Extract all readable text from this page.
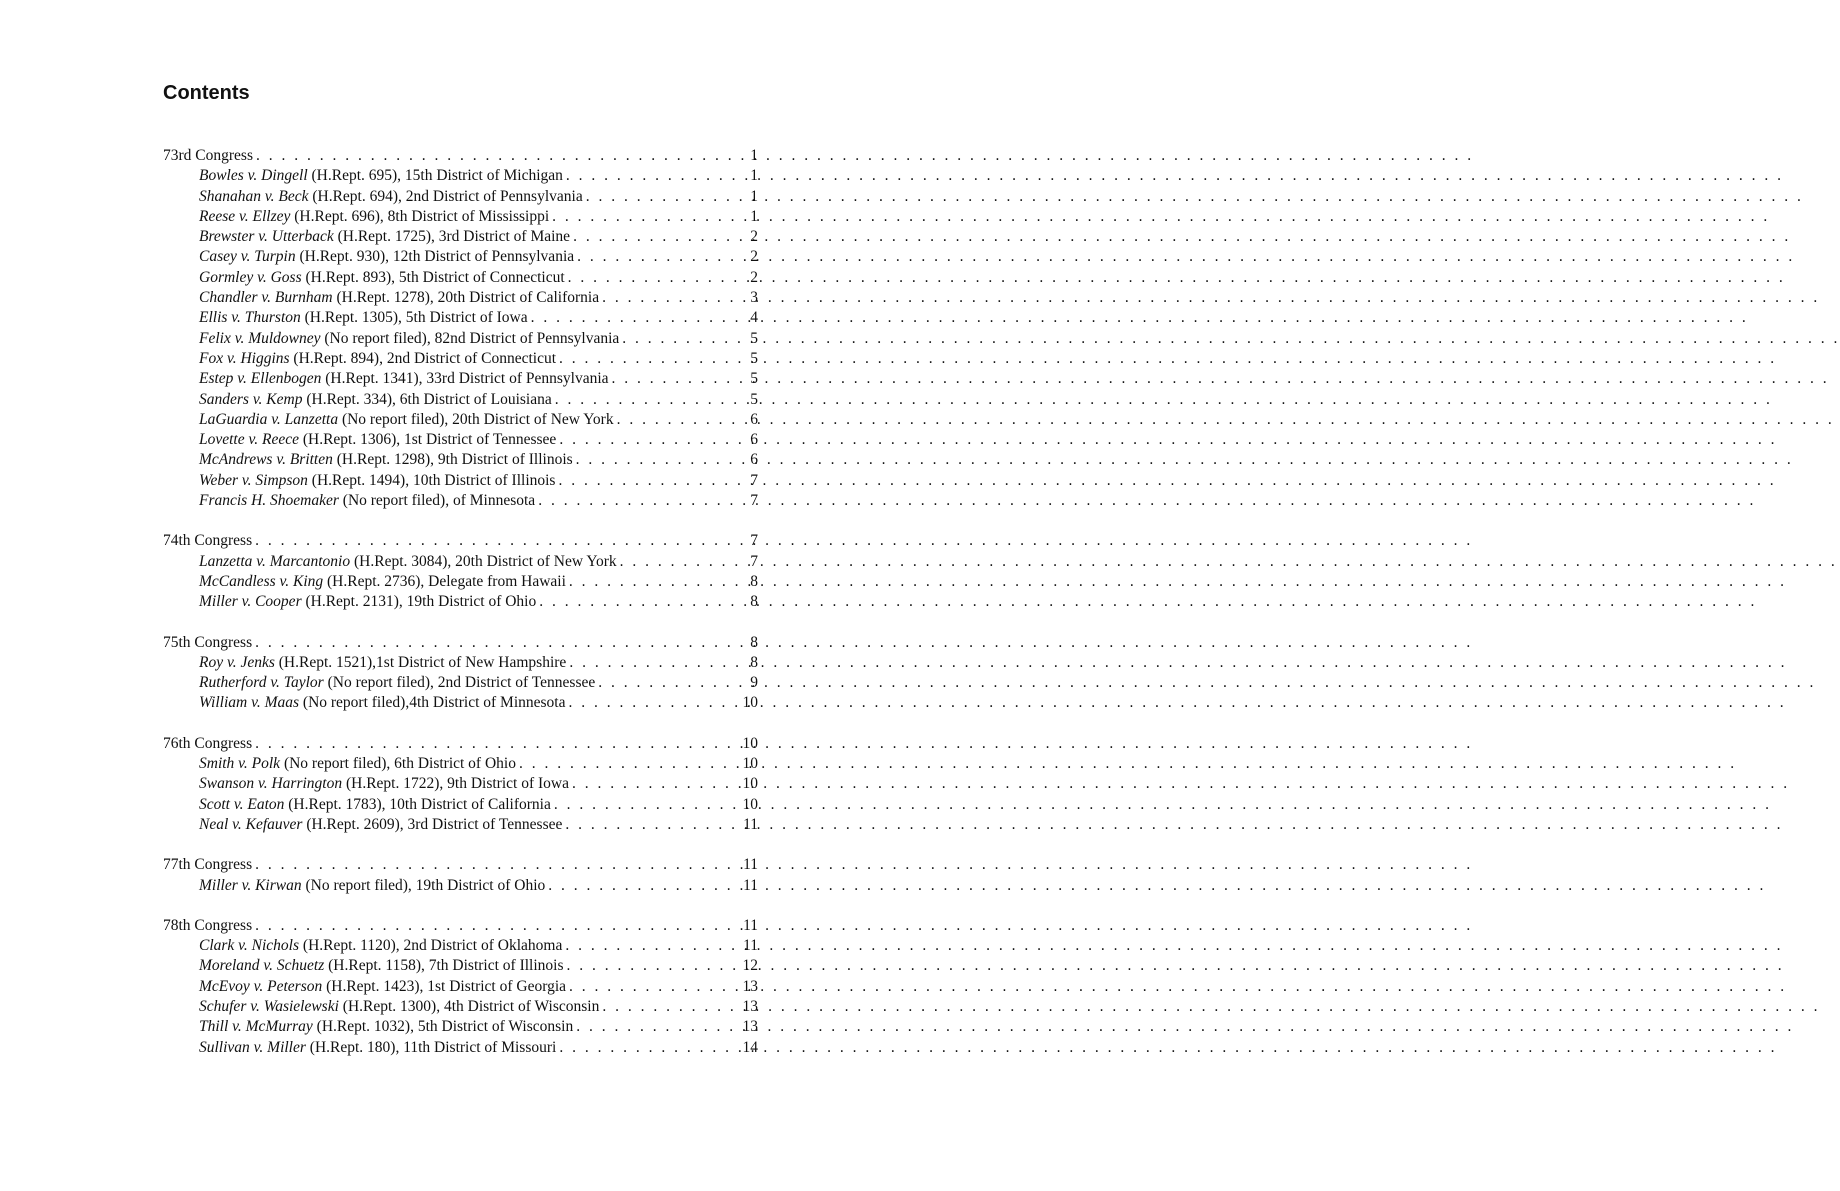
Contents
73rd Congress . . .	1
Bowles v. Dingell (H.Rept. 695), 15th District of Michigan . . .	1
Shanahan v. Beck (H.Rept. 694), 2nd District of Pennsylvania . . .	1
Reese v. Ellzey (H.Rept. 696), 8th District of Mississippi . . .	1
Brewster v. Utterback (H.Rept. 1725), 3rd District of Maine . . .	2
Casey v. Turpin (H.Rept. 930), 12th District of Pennsylvania . . .	2
Gormley v. Goss (H.Rept. 893), 5th District of Connecticut . . .	2
Chandler v. Burnham (H.Rept. 1278), 20th District of California . . .	3
Ellis v. Thurston (H.Rept. 1305), 5th District of Iowa . . .	4
Felix v. Muldowney (No report filed), 82nd District of Pennsylvania . . .	5
Fox v. Higgins (H.Rept. 894), 2nd District of Connecticut . . .	5
Estep v. Ellenbogen (H.Rept. 1341), 33rd District of Pennsylvania . . .	5
Sanders v. Kemp (H.Rept. 334), 6th District of Louisiana . . .	5
LaGuardia v. Lanzetta (No report filed), 20th District of New York . . .	6
Lovette v. Reece (H.Rept. 1306), 1st District of Tennessee . . .	6
McAndrews v. Britten (H.Rept. 1298), 9th District of Illinois . . .	6
Weber v. Simpson (H.Rept. 1494), 10th District of Illinois . . .	7
Francis H. Shoemaker (No report filed), of Minnesota . . .	7
74th Congress . . .	7
Lanzetta v. Marcantonio (H.Rept. 3084), 20th District of New York . . .	7
McCandless v. King (H.Rept. 2736), Delegate from Hawaii . . .	8
Miller v. Cooper (H.Rept. 2131), 19th District of Ohio . . .	8
75th Congress . . .	8
Roy v. Jenks (H.Rept. 1521),1st District of New Hampshire . . .	8
Rutherford v. Taylor (No report filed), 2nd District of Tennessee . . .	9
William v. Maas (No report filed),4th District of Minnesota . . .	10
76th Congress . . .	10
Smith v. Polk (No report filed), 6th District of Ohio . . .	10
Swanson v. Harrington (H.Rept. 1722), 9th District of Iowa . . .	10
Scott v. Eaton (H.Rept. 1783), 10th District of California . . .	10
Neal v. Kefauver (H.Rept. 2609), 3rd District of Tennessee . . .	11
77th Congress . . .	11
Miller v. Kirwan (No report filed), 19th District of Ohio . . .	11
78th Congress . . .	11
Clark v. Nichols (H.Rept. 1120), 2nd District of Oklahoma . . .	11
Moreland v. Schuetz (H.Rept. 1158), 7th District of Illinois . . .	12
McEvoy v. Peterson (H.Rept. 1423), 1st District of Georgia . . .	13
Schufer v. Wasielewski (H.Rept. 1300), 4th District of Wisconsin . . .	13
Thill v. McMurray (H.Rept. 1032), 5th District of Wisconsin . . .	13
Sullivan v. Miller (H.Rept. 180), 11th District of Missouri . . .	14
